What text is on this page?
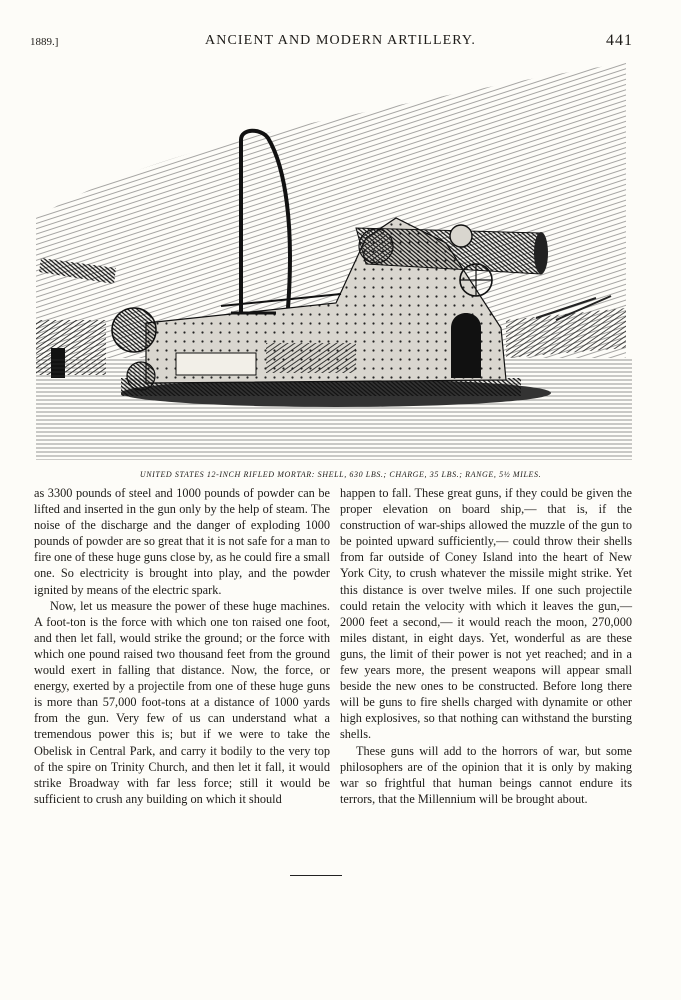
1889.]	ANCIENT AND MODERN ARTILLERY.	441
UNITED STATES 12-INCH RIFLED MORTAR: SHELL, 630 LBS.; CHARGE, 35 LBS.; RANGE, 5½ MILES.

as 3300 pounds of steel and 1000 pounds of powder can be lifted and inserted in the gun only by the help of steam. The noise of the discharge and the danger of exploding 1000 pounds of powder are so great that it is not safe for a man to fire one of these huge guns close by, as he could fire a small one. So electricity is brought into play, and the powder ignited by means of the electric spark.

Now, let us measure the power of these huge machines. A foot-ton is the force with which one ton raised one foot, and then let fall, would strike the ground; or the force with which one pound raised two thousand feet from the ground would exert in falling that distance. Now, the force, or energy, exerted by a projectile from one of these huge guns is more than 57,000 foot-tons at a distance of 1000 yards from the gun. Very few of us can understand what a tremendous power this is; but if we were to take the Obelisk in Central Park, and carry it bodily to the very top of the spire on Trinity Church, and then let it fall, it would strike Broadway with far less force; still it would be sufficient to crush any building on which it should

happen to fall. These great guns, if they could be given the proper elevation on board ship,— that is, if the construction of war-ships allowed the muzzle of the gun to be pointed upward sufficiently,— could throw their shells from far outside of Coney Island into the heart of New York City, to crush whatever the missile might strike. Yet this distance is over twelve miles. If one such projectile could retain the velocity with which it leaves the gun,— 2000 feet a second,— it would reach the moon, 270,000 miles distant, in eight days. Yet, wonderful as are these guns, the limit of their power is not yet reached; and in a few years more, the present weapons will appear small beside the new ones to be constructed. Before long there will be guns to fire shells charged with dynamite or other high explosives, so that nothing can withstand the bursting shells.

These guns will add to the horrors of war, but some philosophers are of the opinion that it is only by making war so frightful that human beings cannot endure its terrors, that the Millennium will be brought about.
